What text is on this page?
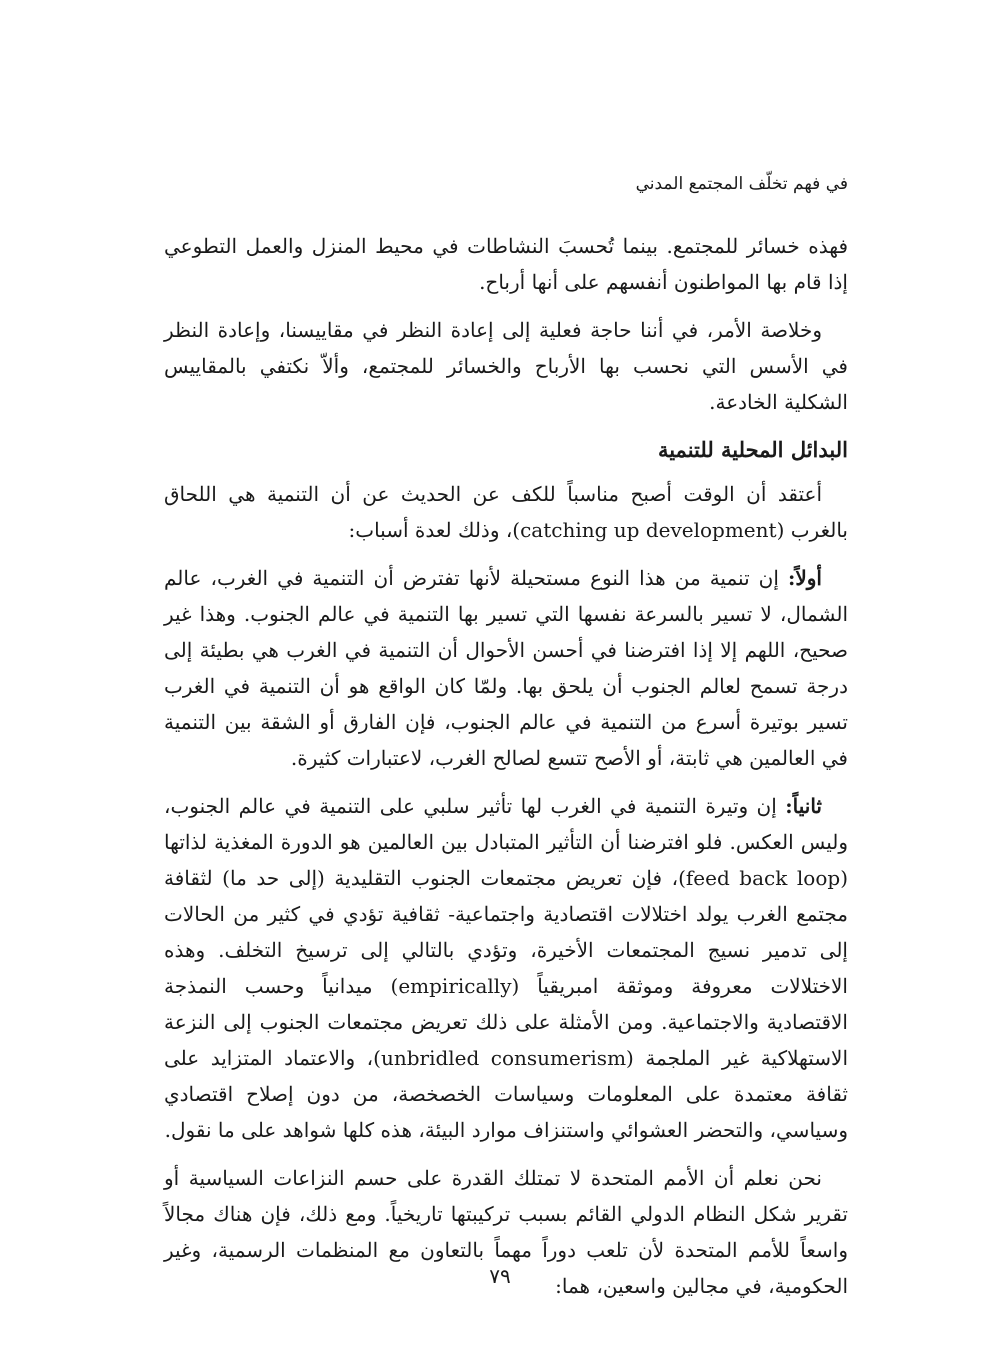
في فهم تخلّف المجتمع المدني

فهذه خسائر للمجتمع. بينما تُحسبَ النشاطات في محيط المنزل والعمل التطوعي إذا قام بها المواطنون أنفسهم على أنها أرباح.

وخلاصة الأمر، في أننا حاجة فعلية إلى إعادة النظر في مقاييسنا، وإعادة النظر في الأسس التي نحسب بها الأرباح والخسائر للمجتمع، وألاّ نكتفي بالمقاييس الشكلية الخادعة.

البدائل المحلية للتنمية

أعتقد أن الوقت أصبح مناسباً للكف عن الحديث عن أن التنمية هي اللحاق بالغرب (catching up development)، وذلك لعدة أسباب:

أولاً: إن تنمية من هذا النوع مستحيلة لأنها تفترض أن التنمية في الغرب، عالم الشمال، لا تسير بالسرعة نفسها التي تسير بها التنمية في عالم الجنوب. وهذا غير صحيح، اللهم إلا إذا افترضنا في أحسن الأحوال أن التنمية في الغرب هي بطيئة إلى درجة تسمح لعالم الجنوب أن يلحق بها. ولمّا كان الواقع هو أن التنمية في الغرب تسير بوتيرة أسرع من التنمية في عالم الجنوب، فإن الفارق أو الشقة بين التنمية في العالمين هي ثابتة، أو الأصح تتسع لصالح الغرب، لاعتبارات كثيرة.

ثانياً: إن وتيرة التنمية في الغرب لها تأثير سلبي على التنمية في عالم الجنوب، وليس العكس. فلو افترضنا أن التأثير المتبادل بين العالمين هو الدورة المغذية لذاتها (feed back loop)، فإن تعريض مجتمعات الجنوب التقليدية (إلى حد ما) لثقافة مجتمع الغرب يولد اختلالات اقتصادية واجتماعية- ثقافية تؤدي في كثير من الحالات إلى تدمير نسيج المجتمعات الأخيرة، وتؤدي بالتالي إلى ترسيخ التخلف. وهذه الاختلالات معروفة وموثقة امبريقياً (empirically) ميدانياً وحسب النمذجة الاقتصادية والاجتماعية. ومن الأمثلة على ذلك تعريض مجتمعات الجنوب إلى النزعة الاستهلاكية غير الملجمة (unbridled consumerism)، والاعتماد المتزايد على ثقافة معتمدة على المعلومات وسياسات الخصخصة، من دون إصلاح اقتصادي وسياسي، والتحضر العشوائي واستنزاف موارد البيئة، هذه كلها شواهد على ما نقول.

نحن نعلم أن الأمم المتحدة لا تمتلك القدرة على حسم النزاعات السياسية أو تقرير شكل النظام الدولي القائم بسبب تركيبتها تاريخياً. ومع ذلك، فإن هناك مجالاً واسعاً للأمم المتحدة لأن تلعب دوراً مهماً بالتعاون مع المنظمات الرسمية، وغير الحكومية، في مجالين واسعين، هما:

٧٩
